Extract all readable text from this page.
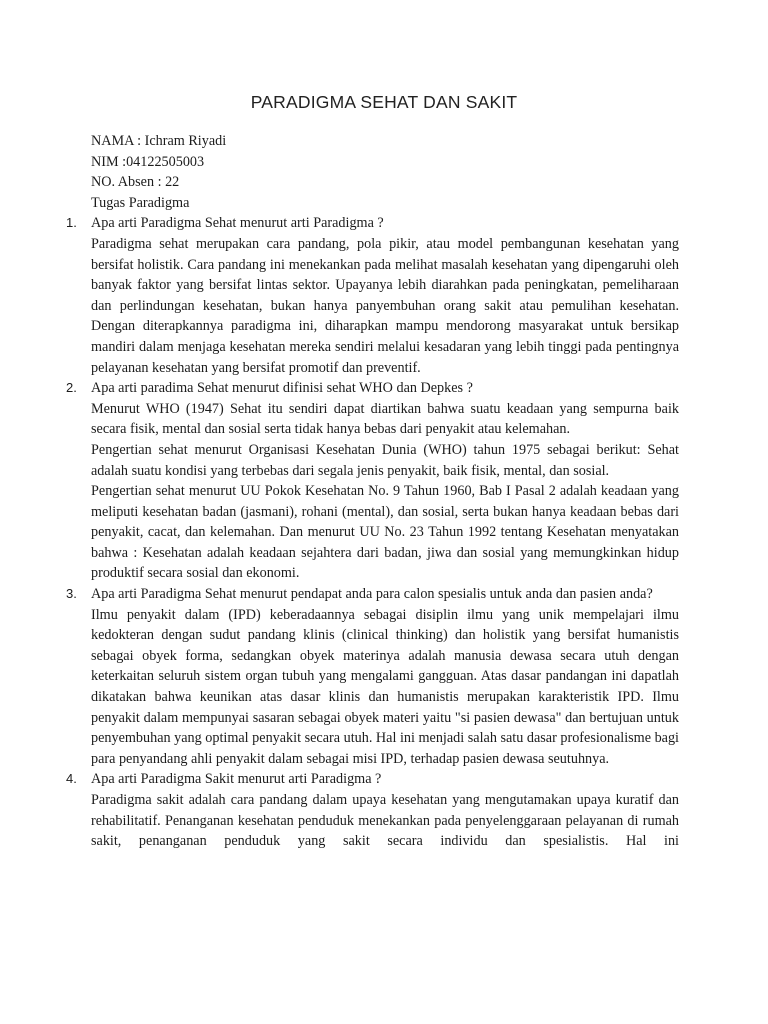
PARADIGMA SEHAT DAN SAKIT

NAMA : Ichram Riyadi

NIM :04122505003

NO. Absen : 22

Tugas Paradigma

1. Apa arti Paradigma Sehat menurut arti Paradigma ?

Paradigma sehat merupakan cara pandang, pola pikir, atau model pembangunan kesehatan yang bersifat holistik. Cara pandang ini menekankan pada melihat masalah kesehatan yang dipengaruhi oleh banyak faktor yang bersifat lintas sektor. Upayanya lebih diarahkan pada peningkatan, pemeliharaan dan perlindungan kesehatan, bukan hanya panyembuhan orang sakit atau pemulihan kesehatan. Dengan diterapkannya paradigma ini, diharapkan mampu mendorong masyarakat untuk bersikap mandiri dalam menjaga kesehatan mereka sendiri melalui kesadaran yang lebih tinggi pada pentingnya pelayanan kesehatan yang bersifat promotif dan preventif.

2. Apa arti paradima Sehat menurut difinisi sehat WHO dan Depkes ?

Menurut WHO (1947) Sehat itu sendiri dapat diartikan bahwa suatu keadaan yang sempurna baik secara fisik, mental dan sosial serta tidak hanya bebas dari penyakit atau kelemahan.

Pengertian sehat menurut Organisasi Kesehatan Dunia (WHO) tahun 1975 sebagai berikut: Sehat adalah suatu kondisi yang terbebas dari segala jenis penyakit, baik fisik, mental, dan sosial.

Pengertian sehat menurut UU Pokok Kesehatan No. 9 Tahun 1960, Bab I Pasal 2 adalah keadaan yang meliputi kesehatan badan (jasmani), rohani (mental), dan sosial, serta bukan hanya keadaan bebas dari penyakit, cacat, dan kelemahan. Dan menurut UU No. 23 Tahun 1992 tentang Kesehatan menyatakan bahwa : Kesehatan adalah keadaan sejahtera dari badan, jiwa dan sosial yang memungkinkan hidup produktif secara sosial dan ekonomi.

3. Apa arti Paradigma Sehat menurut pendapat anda para calon spesialis untuk anda dan pasien anda?

Ilmu penyakit dalam (IPD) keberadaannya sebagai disiplin ilmu yang unik mempelajari ilmu kedokteran dengan sudut pandang klinis (clinical thinking) dan holistik yang bersifat humanistis sebagai obyek forma, sedangkan obyek materinya adalah manusia dewasa secara utuh dengan keterkaitan seluruh sistem organ tubuh yang mengalami gangguan. Atas dasar pandangan ini dapatlah dikatakan bahwa keunikan atas dasar klinis dan humanistis merupakan karakteristik IPD. Ilmu penyakit dalam mempunyai sasaran sebagai obyek materi yaitu "si pasien dewasa" dan bertujuan untuk penyembuhan yang optimal penyakit secara utuh. Hal ini menjadi salah satu dasar profesionalisme bagi para penyandang ahli penyakit dalam sebagai misi IPD, terhadap pasien dewasa seutuhnya.

4. Apa arti Paradigma Sakit menurut arti Paradigma ?

Paradigma sakit adalah cara pandang dalam upaya kesehatan yang mengutamakan upaya kuratif dan rehabilitatif. Penanganan kesehatan penduduk menekankan pada penyelenggaraan pelayanan di rumah sakit, penanganan penduduk yang sakit secara individu dan spesialistis. Hal ini
